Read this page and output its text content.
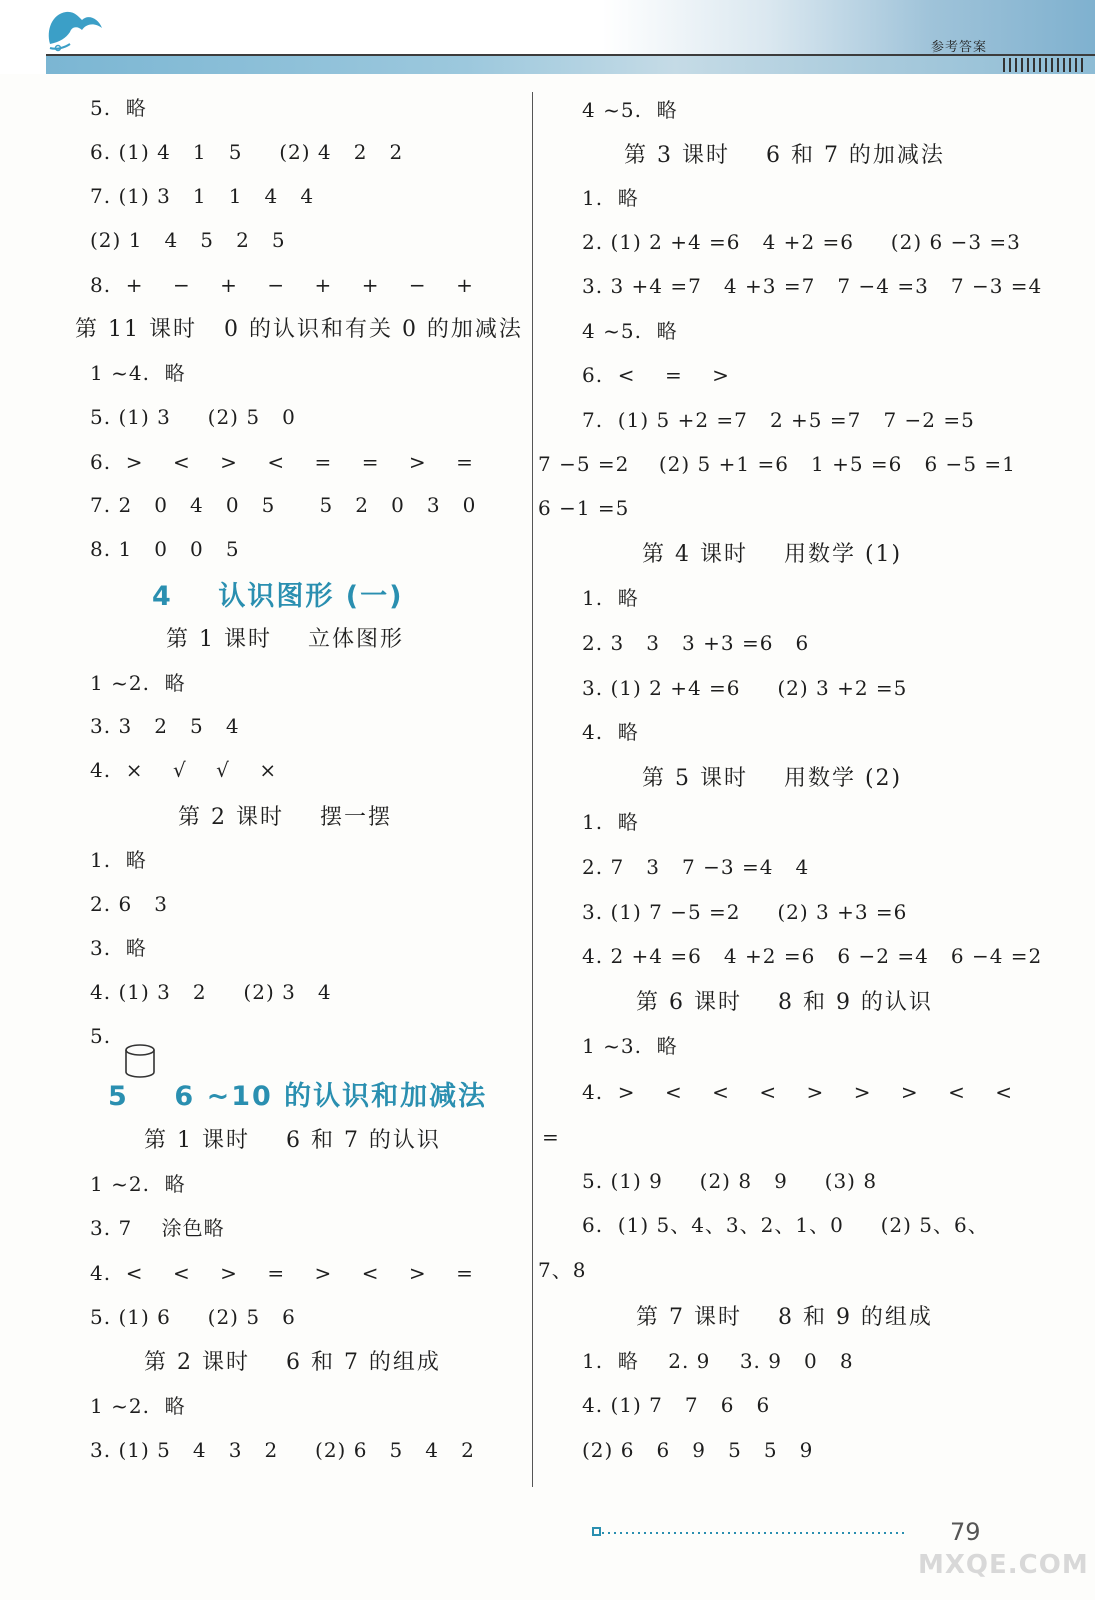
参考答案
5.  略
6. (1) 4   1   5     (2) 4   2   2
7. (1) 3   1   1   4   4
(2) 1   4   5   2   5
8.  +    −    +    −    +    +    −    +
第 11 课时   0 的认识和有关 0 的加减法
1 ~4.  略
5. (1) 3     (2) 5   0
6.  >    <    >    <    =    =    >    =
7. 2   0   4   0   5      5   2   0   3   0
8. 1   0   0   5
4    认识图形 (一)
第 1 课时    立体图形
1 ~2.  略
3. 3   2   5   4
4.  ×    √    √    ×
第 2 课时    摆一摆
1.  略
2. 6   3
3.  略
4. (1) 3   2     (2) 3   4
5.
5    6 ~10 的认识和加减法
第 1 课时    6 和 7 的认识
1 ~2.  略
3. 7    涂色略
4.  <    <    >    =    >    <    >    =
5. (1) 6     (2) 5   6
第 2 课时    6 和 7 的组成
1 ~2.  略
3. (1) 5   4   3   2     (2) 6   5   4   2
4 ~5.  略
第 3 课时    6 和 7 的加减法
1.  略
2. (1) 2 +4 =6   4 +2 =6     (2) 6 −3 =3
3. 3 +4 =7   4 +3 =7   7 −4 =3   7 −3 =4
4 ~5.  略
6.  <    =    >
7.  (1) 5 +2 =7   2 +5 =7   7 −2 =5
7 −5 =2    (2) 5 +1 =6   1 +5 =6   6 −5 =1
6 −1 =5
第 4 课时    用数学 (1)
1.  略
2. 3   3   3 +3 =6   6
3. (1) 2 +4 =6     (2) 3 +2 =5
4.  略
第 5 课时    用数学 (2)
1.  略
2. 7   3   7 −3 =4   4
3. (1) 7 −5 =2     (2) 3 +3 =6
4. 2 +4 =6   4 +2 =6   6 −2 =4   6 −4 =2
第 6 课时    8 和 9 的认识
1 ~3.  略
4.  >    <    <    <    >    >    >    <    <
=
5. (1) 9     (2) 8   9     (3) 8
6.  (1) 5、4、3、2、1、0     (2) 5、6、
7、8
第 7 课时    8 和 9 的组成
1.  略    2. 9    3. 9   0   8
4. (1) 7   7   6   6
(2) 6   6   9   5   5   9
79
MXQE.COM
